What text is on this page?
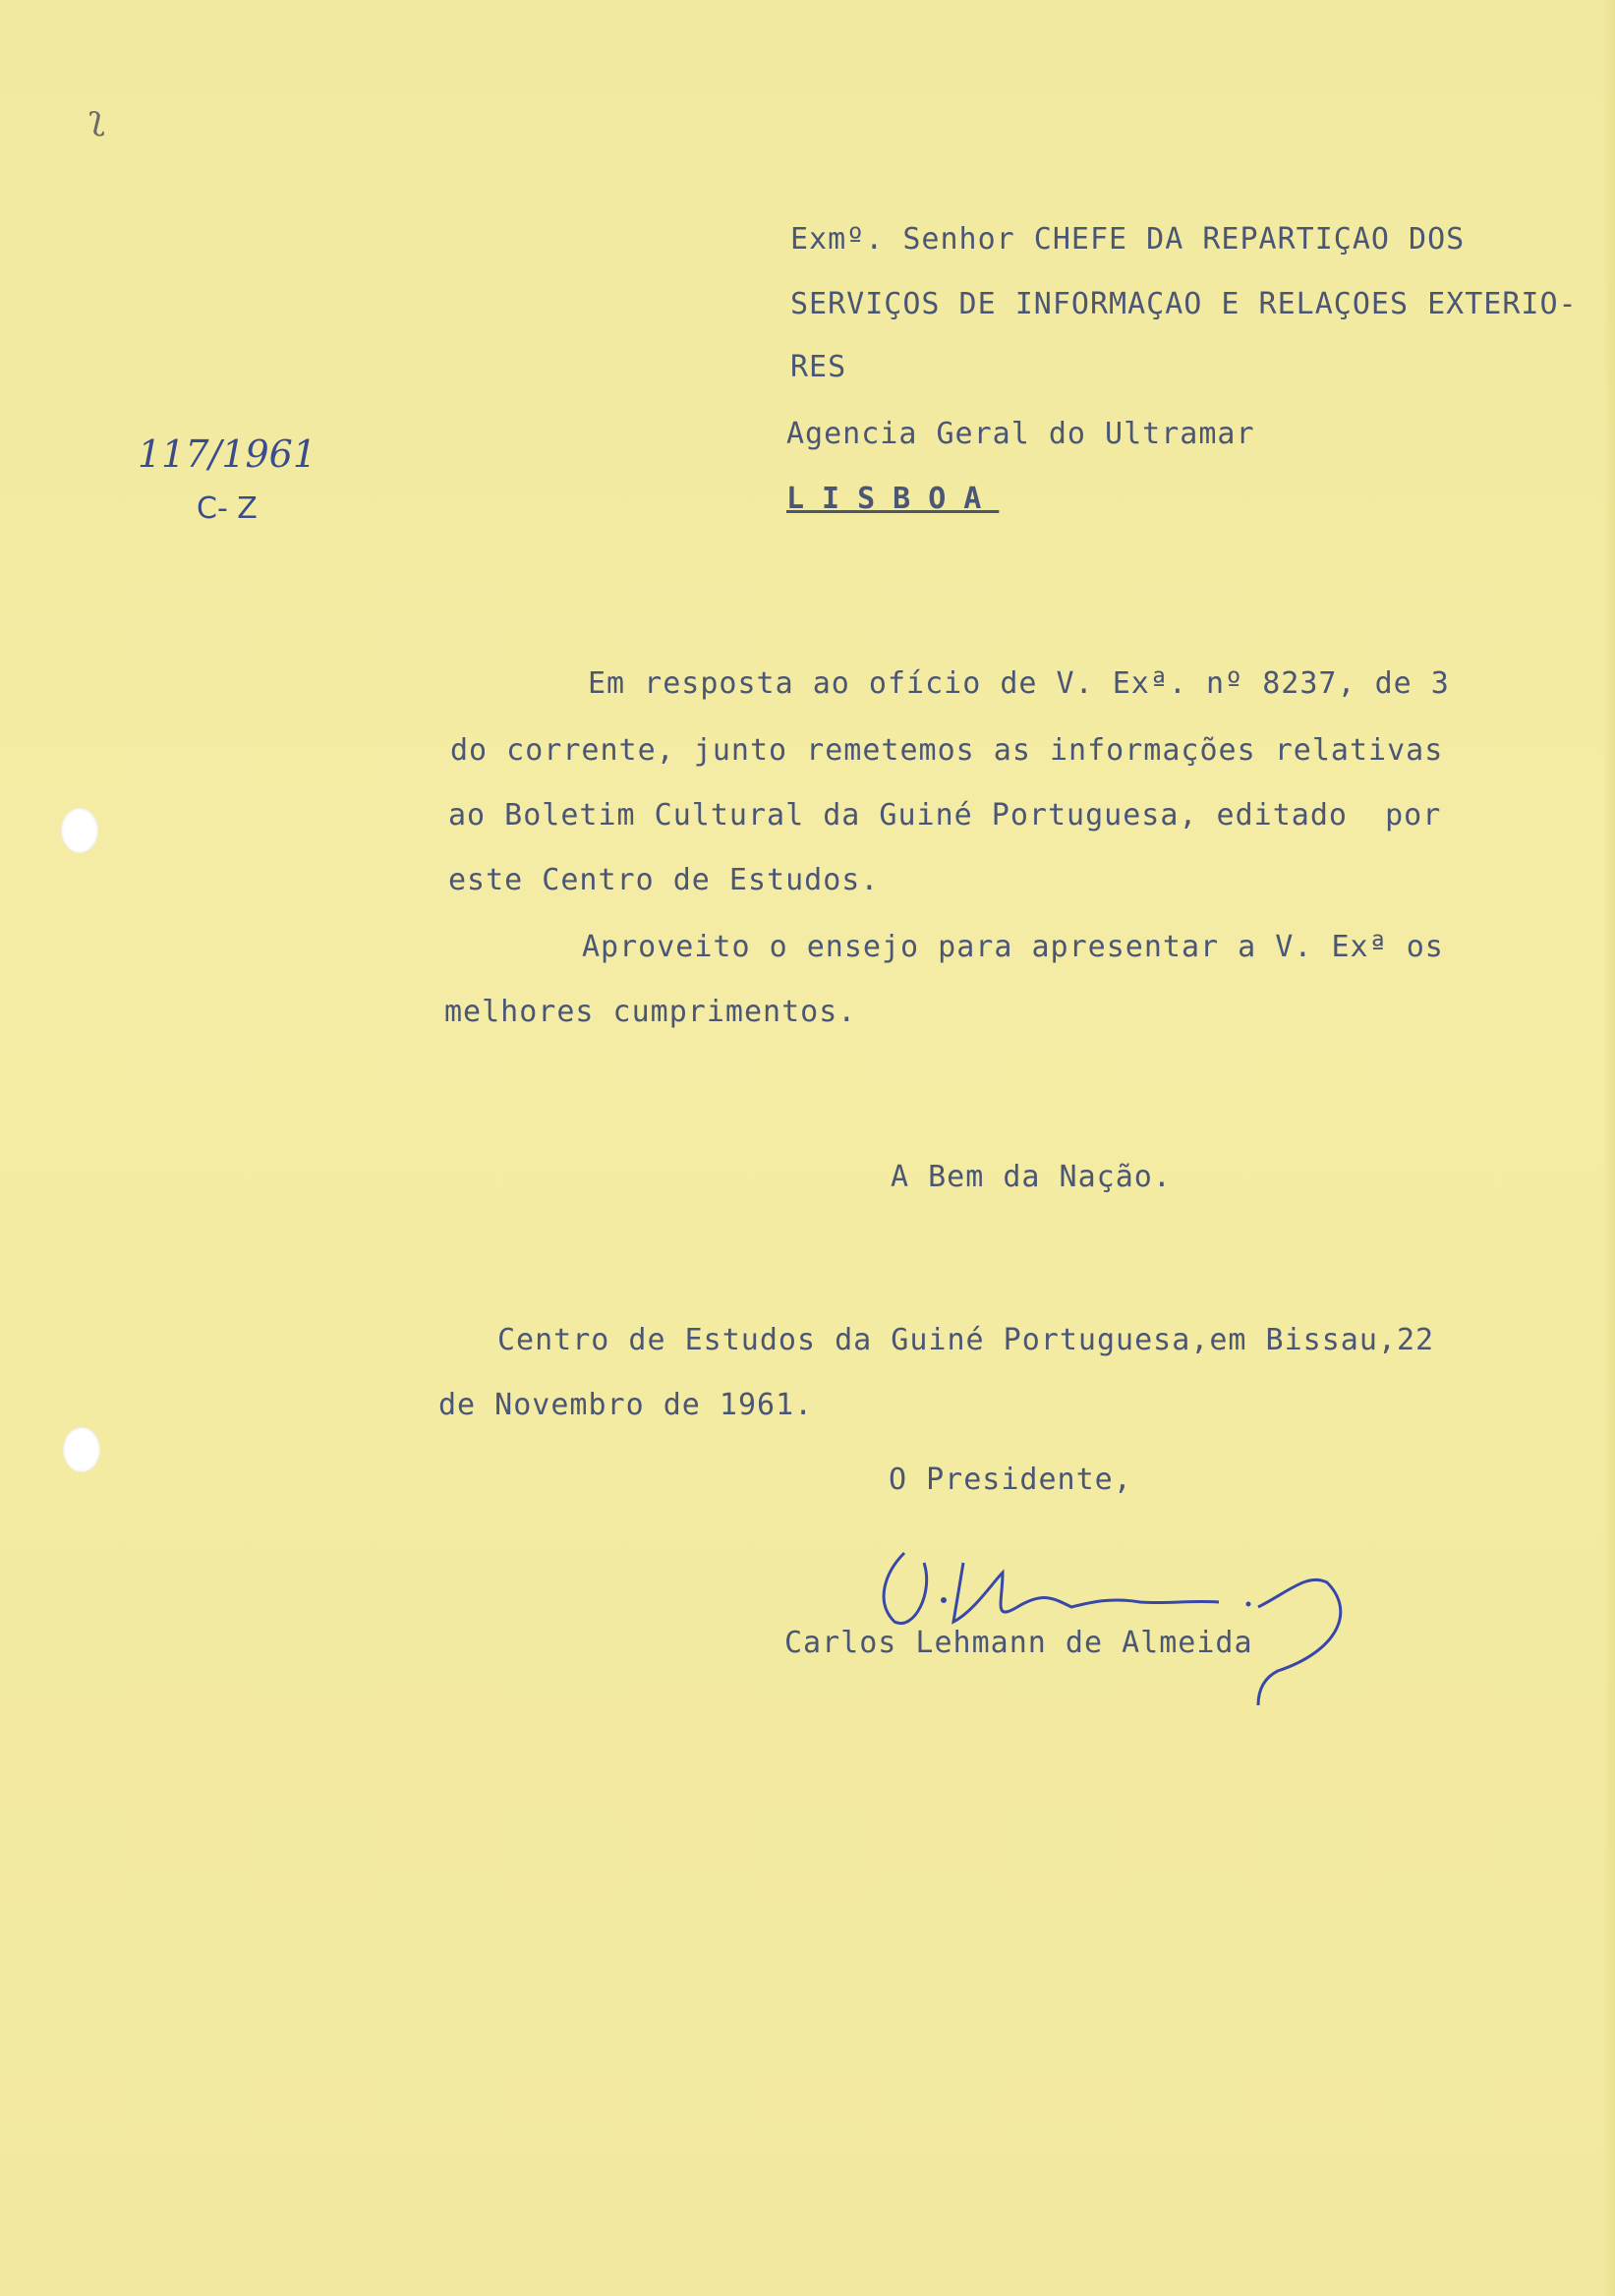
ʅ
117/1961
C- Z
Exmº. Senhor CHEFE DA REPARTIÇAO DOS
SERVIÇOS DE INFORMAÇAO E RELAÇOES EXTERIO-
RES
Agencia Geral do Ultramar
LISBOA
Em resposta ao ofício de V. Exª. nº 8237, de 3
do corrente, junto remetemos as informações relativas
ao Boletim Cultural da Guiné Portuguesa, editado  por
este Centro de Estudos.
Aproveito o ensejo para apresentar a V. Exª os
melhores cumprimentos.
A Bem da Nação.
Centro de Estudos da Guiné Portuguesa,em Bissau,22
de Novembro de 1961.
O Presidente,
Carlos Lehmann de Almeida
